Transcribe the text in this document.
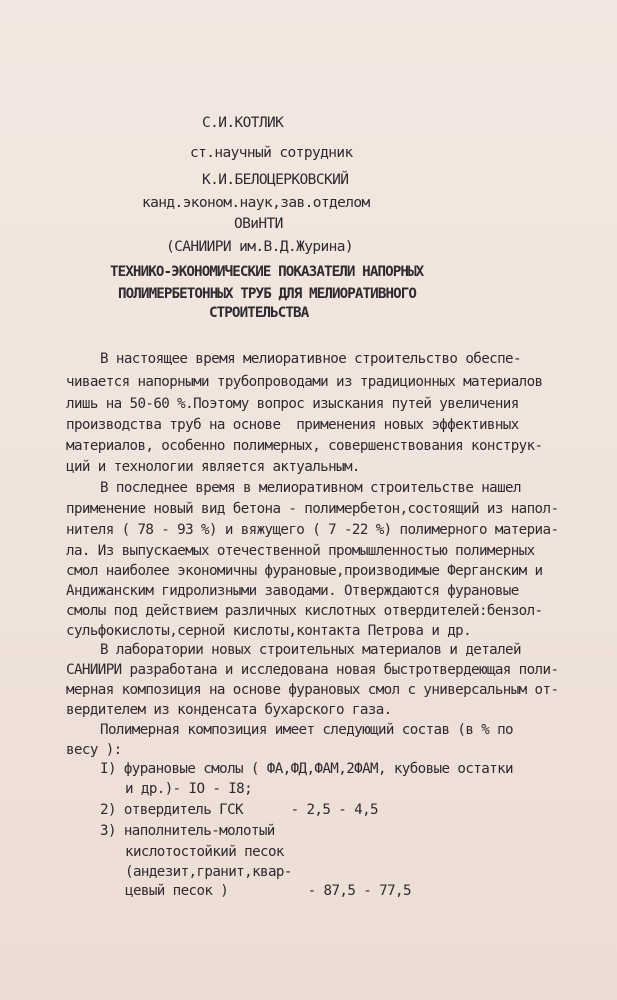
С.И.КОТЛИК
ст.научный сотрудник
К.И.БЕЛОЦЕРКОВСКИЙ
канд.эконом.наук,зав.отделом
ОВиНТИ
(САНИИРИ им.В.Д.Журина)
ТЕХНИКО-ЭКОНОМИЧЕСКИЕ ПОКАЗАТЕЛИ НАПОРНЫХ
ПОЛИМЕРБЕТОННЫХ ТРУБ ДЛЯ МЕЛИОРАТИВНОГО
СТРОИТЕЛЬСТВА
В настоящее время мелиоративное строительство обеспе-
чивается напорными трубопроводами из традиционных материалов
лишь на 50-60 %.Поэтому вопрос изыскания путей увеличения
производства труб на основе  применения новых эффективных
материалов, особенно полимерных, совершенствования конструк-
ций и технологии является актуальным.
В последнее время в мелиоративном строительстве нашел
применение новый вид бетона - полимербетон,состоящий из напол-
нителя ( 78 - 93 %) и вяжущего ( 7 -22 %) полимерного материа-
ла. Из выпускаемых отечественной промышленностью полимерных
смол наиболее экономичны фурановые,производимые Ферганским и
Андижанским гидролизными заводами. Отверждаются фурановые
смолы под действием различных кислотных отвердителей:бензол-
сульфокислоты,серной кислоты,контакта Петрова и др.
В лаборатории новых строительных материалов и деталей
САНИИРИ разработана и исследована новая быстротвердеющая поли-
мерная композиция на основе фурановых смол с универсальным от-
вердителем из конденсата бухарского газа.
Полимерная композиция имеет следующий состав (в % по
весу ):
I) фурановые смолы ( ФА,ФД,ФАМ,2ФАМ, кубовые остатки
и др.)- IO - I8;
2) отвердитель ГСК      - 2,5 - 4,5
3) наполнитель-молотый
кислотостойкий песок
(андезит,гранит,квар-
цевый песок )          - 87,5 - 77,5
